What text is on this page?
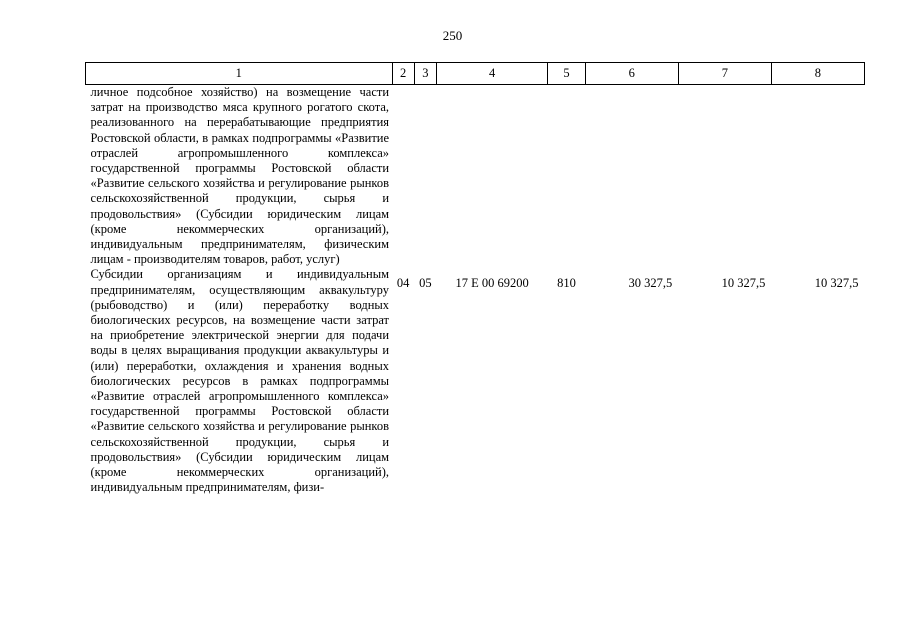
250
1	2	3	4	5	6	7	8
личное подсобное хозяйство) на возмещение части затрат на производство мяса крупного рогатого скота, реализованного на перерабатывающие предприятия Ростовской области, в рамках подпрограммы «Развитие отраслей агропромышленного комплекса» государственной программы Ростовской области «Развитие сельского хозяйства и регулирование рынков сельскохозяйственной продукции, сырья и продовольствия» (Субсидии юридическим лицам (кроме некоммерческих организаций), индивидуальным предпринимателям, физическим лицам - производителям товаров, работ, услуг)							
Субсидии организациям и индивидуальным предпринимателям, осуществляющим аквакультуру (рыбоводство) и (или) переработку водных биологических ресурсов, на возмещение части затрат на приобретение электрической энергии для подачи воды в целях выращивания продукции аквакультуры и (или) переработки, охлаждения и хранения водных биологических ресурсов в рамках подпрограммы «Развитие отраслей агропромышленного комплекса» государственной программы Ростовской области «Развитие сельского хозяйства и регулирование рынков сельскохозяйственной продукции, сырья и продовольствия» (Субсидии юридическим лицам (кроме некоммерческих организаций), индивидуальным предпринимателям, физи-	04	05	17 Е 00 69200	810	30 327,5	10 327,5	10 327,5
